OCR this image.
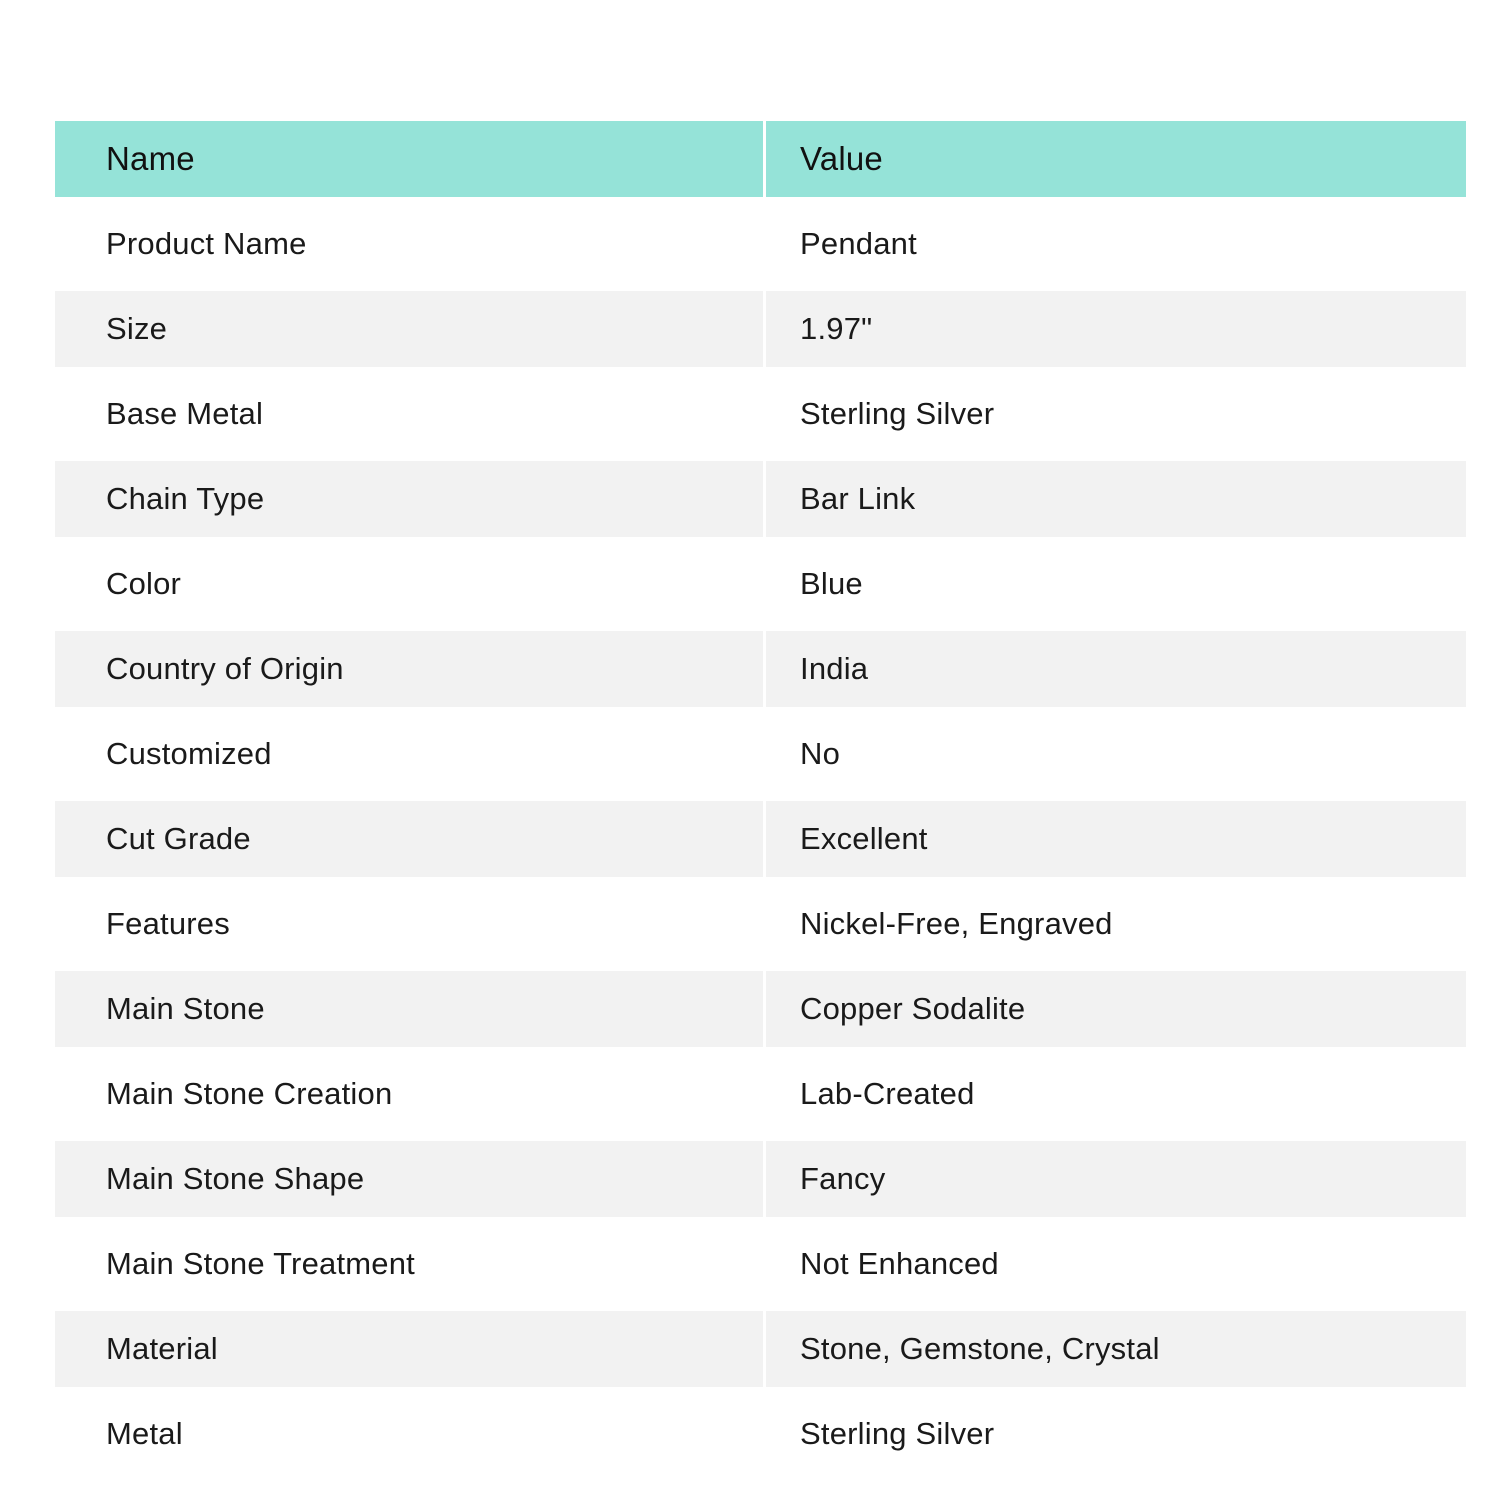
Name	Value
Product Name	Pendant
Size	1.97"
Base Metal	Sterling Silver
Chain Type	Bar Link
Color	Blue
Country of Origin	India
Customized	No
Cut Grade	Excellent
Features	Nickel-Free, Engraved
Main Stone	Copper Sodalite
Main Stone Creation	Lab-Created
Main Stone Shape	Fancy
Main Stone Treatment	Not Enhanced
Material	Stone, Gemstone, Crystal
Metal	Sterling Silver
